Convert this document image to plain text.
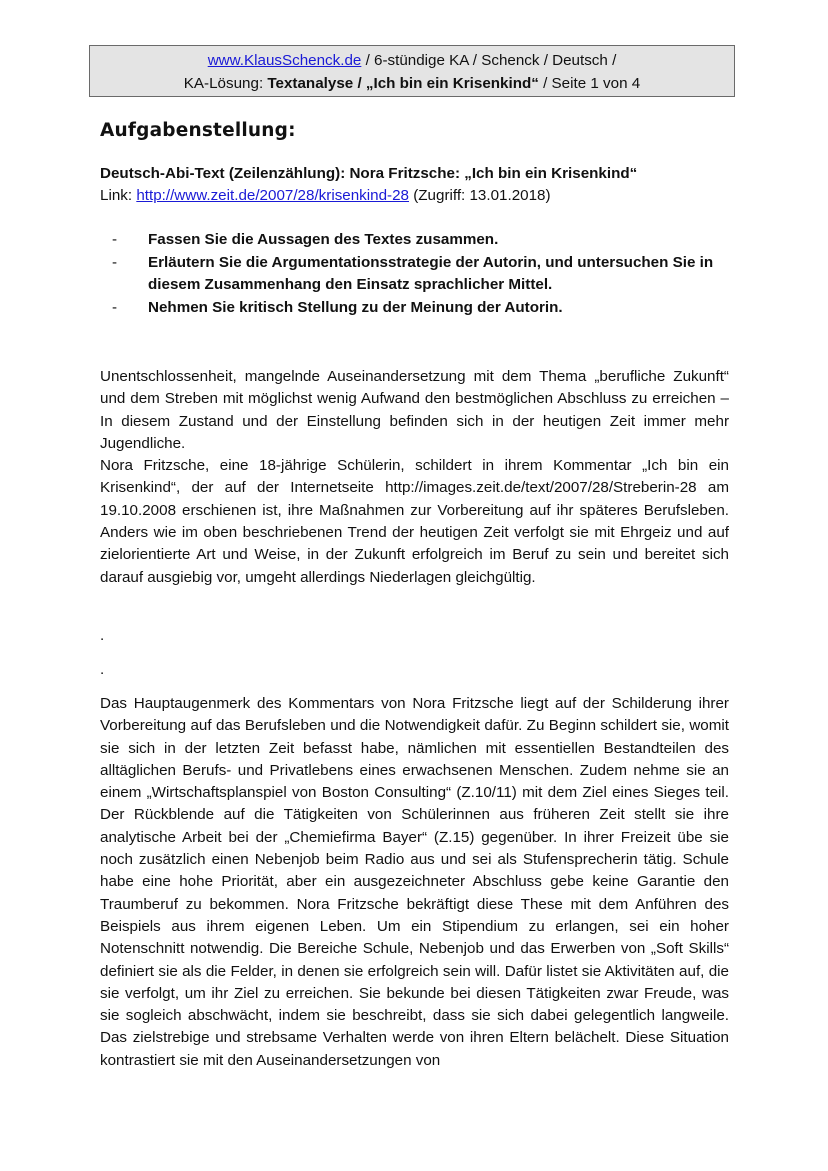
www.KlausSchenck.de / 6-stündige KA / Schenck / Deutsch /
KA-Lösung: Textanalyse / „Ich bin ein Krisenkind“ / Seite 1 von 4
Aufgabenstellung:
Deutsch-Abi-Text (Zeilenzählung): Nora Fritzsche: „Ich bin ein Krisenkind“
Link: http://www.zeit.de/2007/28/krisenkind-28 (Zugriff: 13.01.2018)
- Fassen Sie die Aussagen des Textes zusammen.
- Erläutern Sie die Argumentationsstrategie der Autorin, und untersuchen Sie in diesem Zusammenhang den Einsatz sprachlicher Mittel.
- Nehmen Sie kritisch Stellung zu der Meinung der Autorin.

Unentschlossenheit, mangelnde Auseinandersetzung mit dem Thema „berufliche Zukunft“ und dem Streben mit möglichst wenig Aufwand den bestmöglichen Abschluss zu erreichen – In diesem Zustand und der Einstellung befinden sich in der heutigen Zeit immer mehr Jugendliche.

Nora Fritzsche, eine 18-jährige Schülerin, schildert in ihrem Kommentar „Ich bin ein Krisenkind“, der auf der Internetseite http://images.zeit.de/text/2007/28/Streberin-28 am 19.10.2008 erschienen ist, ihre Maßnahmen zur Vorbereitung auf ihr späteres Berufsleben. Anders wie im oben beschriebenen Trend der heutigen Zeit verfolgt sie mit Ehrgeiz und auf zielorientierte Art und Weise, in der Zukunft erfolgreich im Beruf zu sein und bereitet sich darauf ausgiebig vor, umgeht allerdings Niederlagen gleichgültig.

.
.

Das Hauptaugenmerk des Kommentars von Nora Fritzsche liegt auf der Schilderung ihrer Vorbereitung auf das Berufsleben und die Notwendigkeit dafür. Zu Beginn schildert sie, womit sie sich in der letzten Zeit befasst habe, nämlichen mit essentiellen Bestandteilen des alltäglichen Berufs- und Privatlebens eines erwachsenen Menschen. Zudem nehme sie an einem „Wirtschaftsplanspiel von Boston Consulting“ (Z.10/11) mit dem Ziel eines Sieges teil. Der Rückblende auf die Tätigkeiten von Schülerinnen aus früheren Zeit stellt sie ihre analytische Arbeit bei der „Chemiefirma Bayer“ (Z.15) gegenüber. In ihrer Freizeit übe sie noch zusätzlich einen Nebenjob beim Radio aus und sei als Stufensprecherin tätig. Schule habe eine hohe Priorität, aber ein ausgezeichneter Abschluss gebe keine Garantie den Traumberuf zu bekommen. Nora Fritzsche bekräftigt diese These mit dem Anführen des Beispiels aus ihrem eigenen Leben. Um ein Stipendium zu erlangen, sei ein hoher Notenschnitt notwendig. Die Bereiche Schule, Nebenjob und das Erwerben von „Soft Skills“ definiert sie als die Felder, in denen sie erfolgreich sein will. Dafür listet sie Aktivitäten auf, die sie verfolgt, um ihr Ziel zu erreichen. Sie bekunde bei diesen Tätigkeiten zwar Freude, was sie sogleich abschwächt, indem sie beschreibt, dass sie sich dabei gelegentlich langweile. Das zielstrebige und strebsame Verhalten werde von ihren Eltern belächelt. Diese Situation kontrastiert sie mit den Auseinandersetzungen von
